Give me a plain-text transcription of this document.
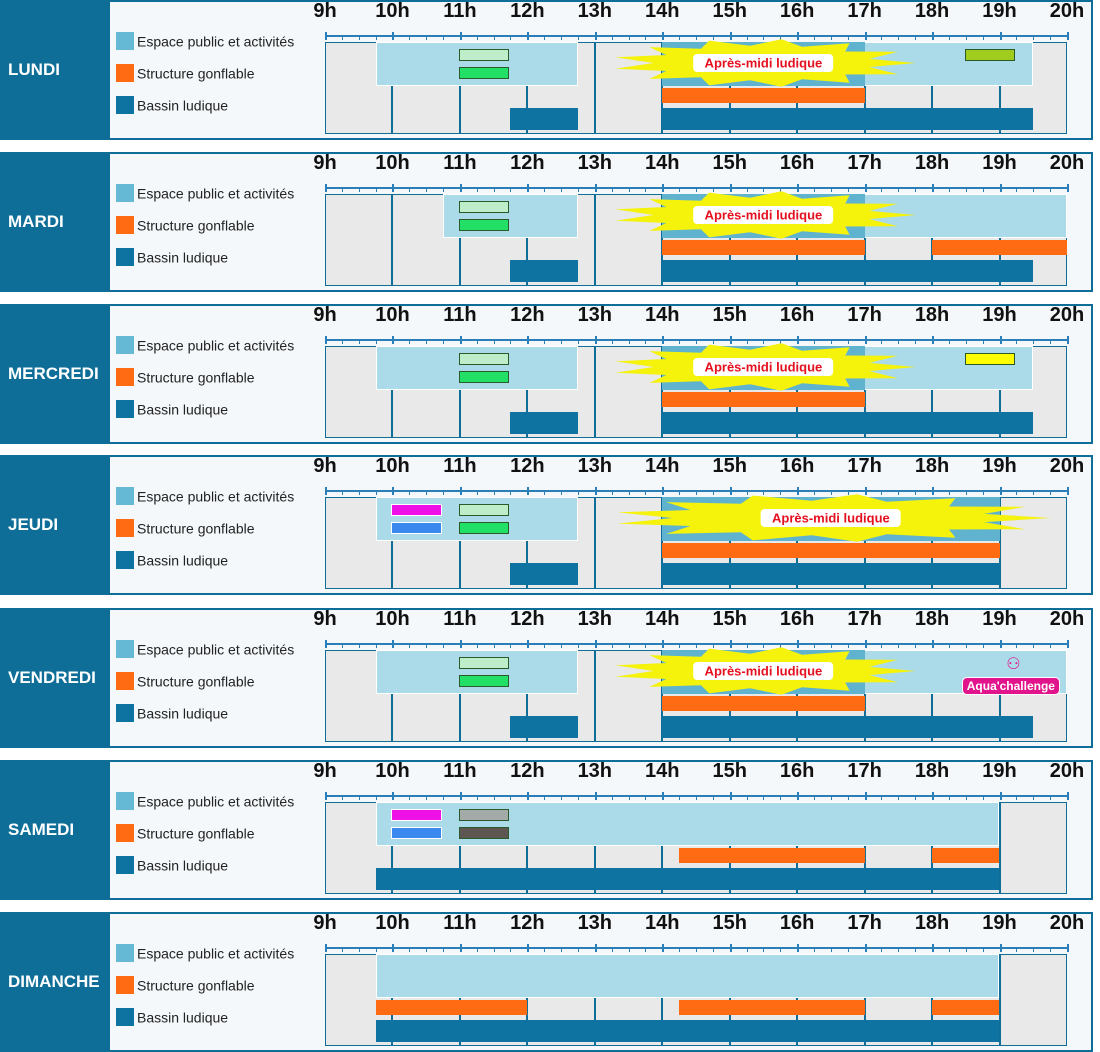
LUNDI
Espace public et activités
Structure gonflable
Bassin ludique
9h 10h 11h 12h 13h 14h 15h 16h 17h 18h 19h 20h
Après-midi ludique
MARDI
Espace public et activités
Structure gonflable
Bassin ludique
9h 10h 11h 12h 13h 14h 15h 16h 17h 18h 19h 20h
Après-midi ludique
MERCREDI
Espace public et activités
Structure gonflable
Bassin ludique
9h 10h 11h 12h 13h 14h 15h 16h 17h 18h 19h 20h
Après-midi ludique
JEUDI
Espace public et activités
Structure gonflable
Bassin ludique
9h 10h 11h 12h 13h 14h 15h 16h 17h 18h 19h 20h
Après-midi ludique
VENDREDI
Espace public et activités
Structure gonflable
Bassin ludique
9h 10h 11h 12h 13h 14h 15h 16h 17h 18h 19h 20h
Après-midi ludique	⚇
Aqua'challenge
SAMEDI
Espace public et activités
Structure gonflable
Bassin ludique
9h 10h 11h 12h 13h 14h 15h 16h 17h 18h 19h 20h
DIMANCHE
Espace public et activités
Structure gonflable
Bassin ludique
9h 10h 11h 12h 13h 14h 15h 16h 17h 18h 19h 20h
